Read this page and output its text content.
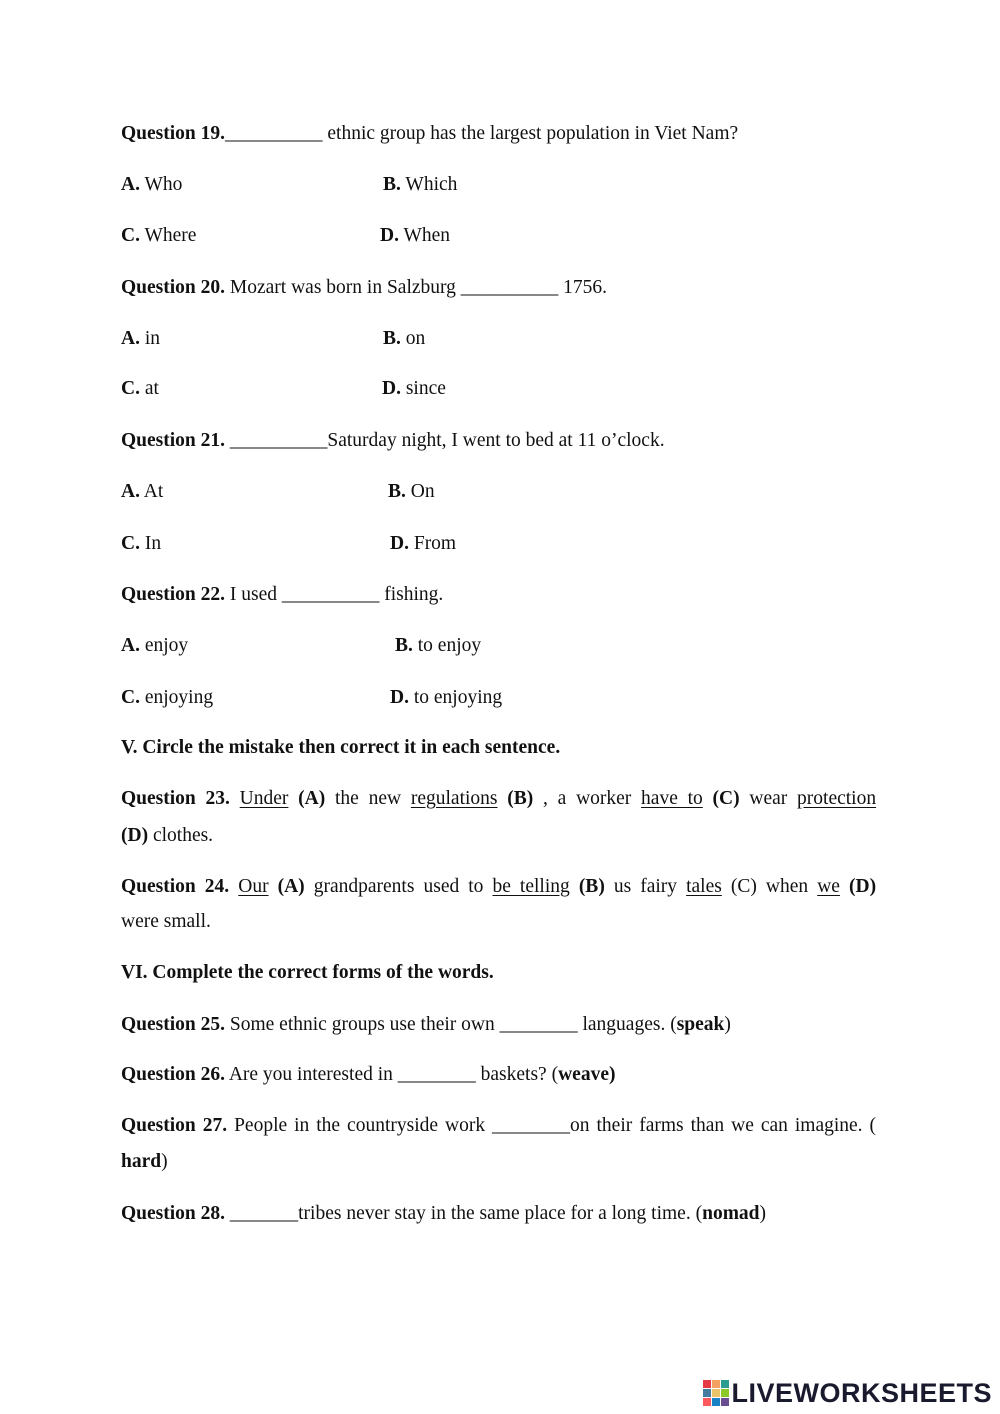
Question 19.__________ ethnic group has the largest population in Viet Nam?
A. Who	B. Which
C. Where	D. When
Question 20. Mozart was born in Salzburg __________ 1756.
A. in	B. on
C. at	D. since
Question 21. __________Saturday night, I went to bed at 11 o’clock.
A. At	B. On
C. In	D. From
Question 22. I used __________ fishing.
A. enjoy	B. to enjoy
C. enjoying	D. to enjoying
V. Circle the mistake then correct it in each sentence.
Question 23. Under (A) the new regulations (B) , a worker have to (C) wear protection
(D) clothes.
Question 24. Our (A) grandparents used to be telling (B) us fairy tales (C) when we (D)
were small.
VI. Complete the correct forms of the words.
Question 25. Some ethnic groups use their own ________ languages. (speak)
Question 26. Are you interested in ________ baskets? (weave)
Question 27. People in the countryside work ________on their farms than we can imagine. (
hard)
Question 28. _______tribes never stay in the same place for a long time. (nomad)
LIVEWORKSHEETS
